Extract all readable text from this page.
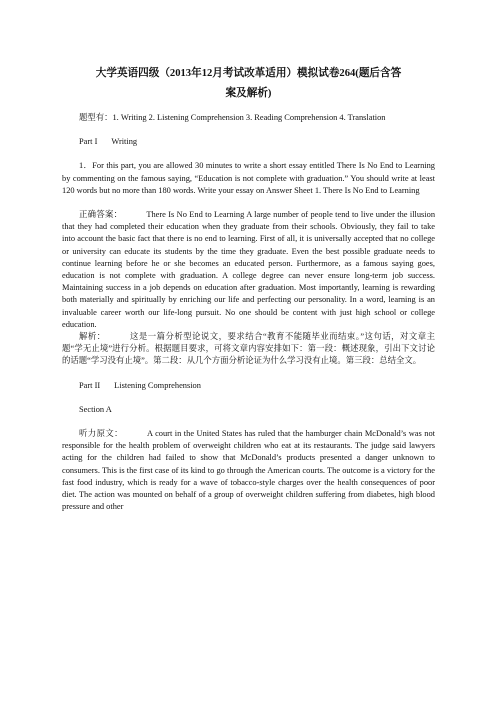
大学英语四级（2013年12月考试改革适用）模拟试卷264(题后含答
案及解析)

题型有：1. Writing 2. Listening Comprehension 3. Reading Comprehension 4. Translation

Part I Writing

1．For this part, you are allowed 30 minutes to write a short essay entitled There Is No End to Learning by commenting on the famous saying, “Education is not complete with graduation.” You should write at least 120 words but no more than 180 words. Write your essay on Answer Sheet 1. There Is No End to Learning

正确答案：	There Is No End to Learning A large number of people tend to live under the illusion that they had completed their education when they graduate from their schools. Obviously, they fail to take into account the basic fact that there is no end to learning. First of all, it is universally accepted that no college or university can educate its students by the time they graduate. Even the best possible graduate needs to continue learning before he or she becomes an educated person. Furthermore, as a famous saying goes, education is not complete with graduation. A college degree can never ensure long-term job success. Maintaining success in a job depends on education after graduation. Most importantly, learning is rewarding both materially and spiritually by enriching our life and perfecting our personality. In a word, learning is an invaluable career worth our life-long pursuit. No one should be content with just high school or college education.

解析：	这是一篇分析型论说文，要求结合“教育不能随毕业而结束。”这句话，对文章主题“学无止境”进行分析。根据题目要求，可将文章内容安排如下：第一段：概述现象，引出下文讨论的话题“学习没有止境”。第二段：从几个方面分析论证为什么学习没有止境。第三段：总结全文。

Part II Listening Comprehension

Section A

听力原文：	A court in the United States has ruled that the hamburger chain McDonald’s was not responsible for the health problem of overweight children who eat at its restaurants. The judge said lawyers acting for the children had failed to show that McDonald’s products presented a danger unknown to consumers. This is the first case of its kind to go through the American courts. The outcome is a victory for the fast food industry, which is ready for a wave of tobacco-style charges over the health consequences of poor diet. The action was mounted on behalf of a group of overweight children suffering from diabetes, high blood pressure and other
